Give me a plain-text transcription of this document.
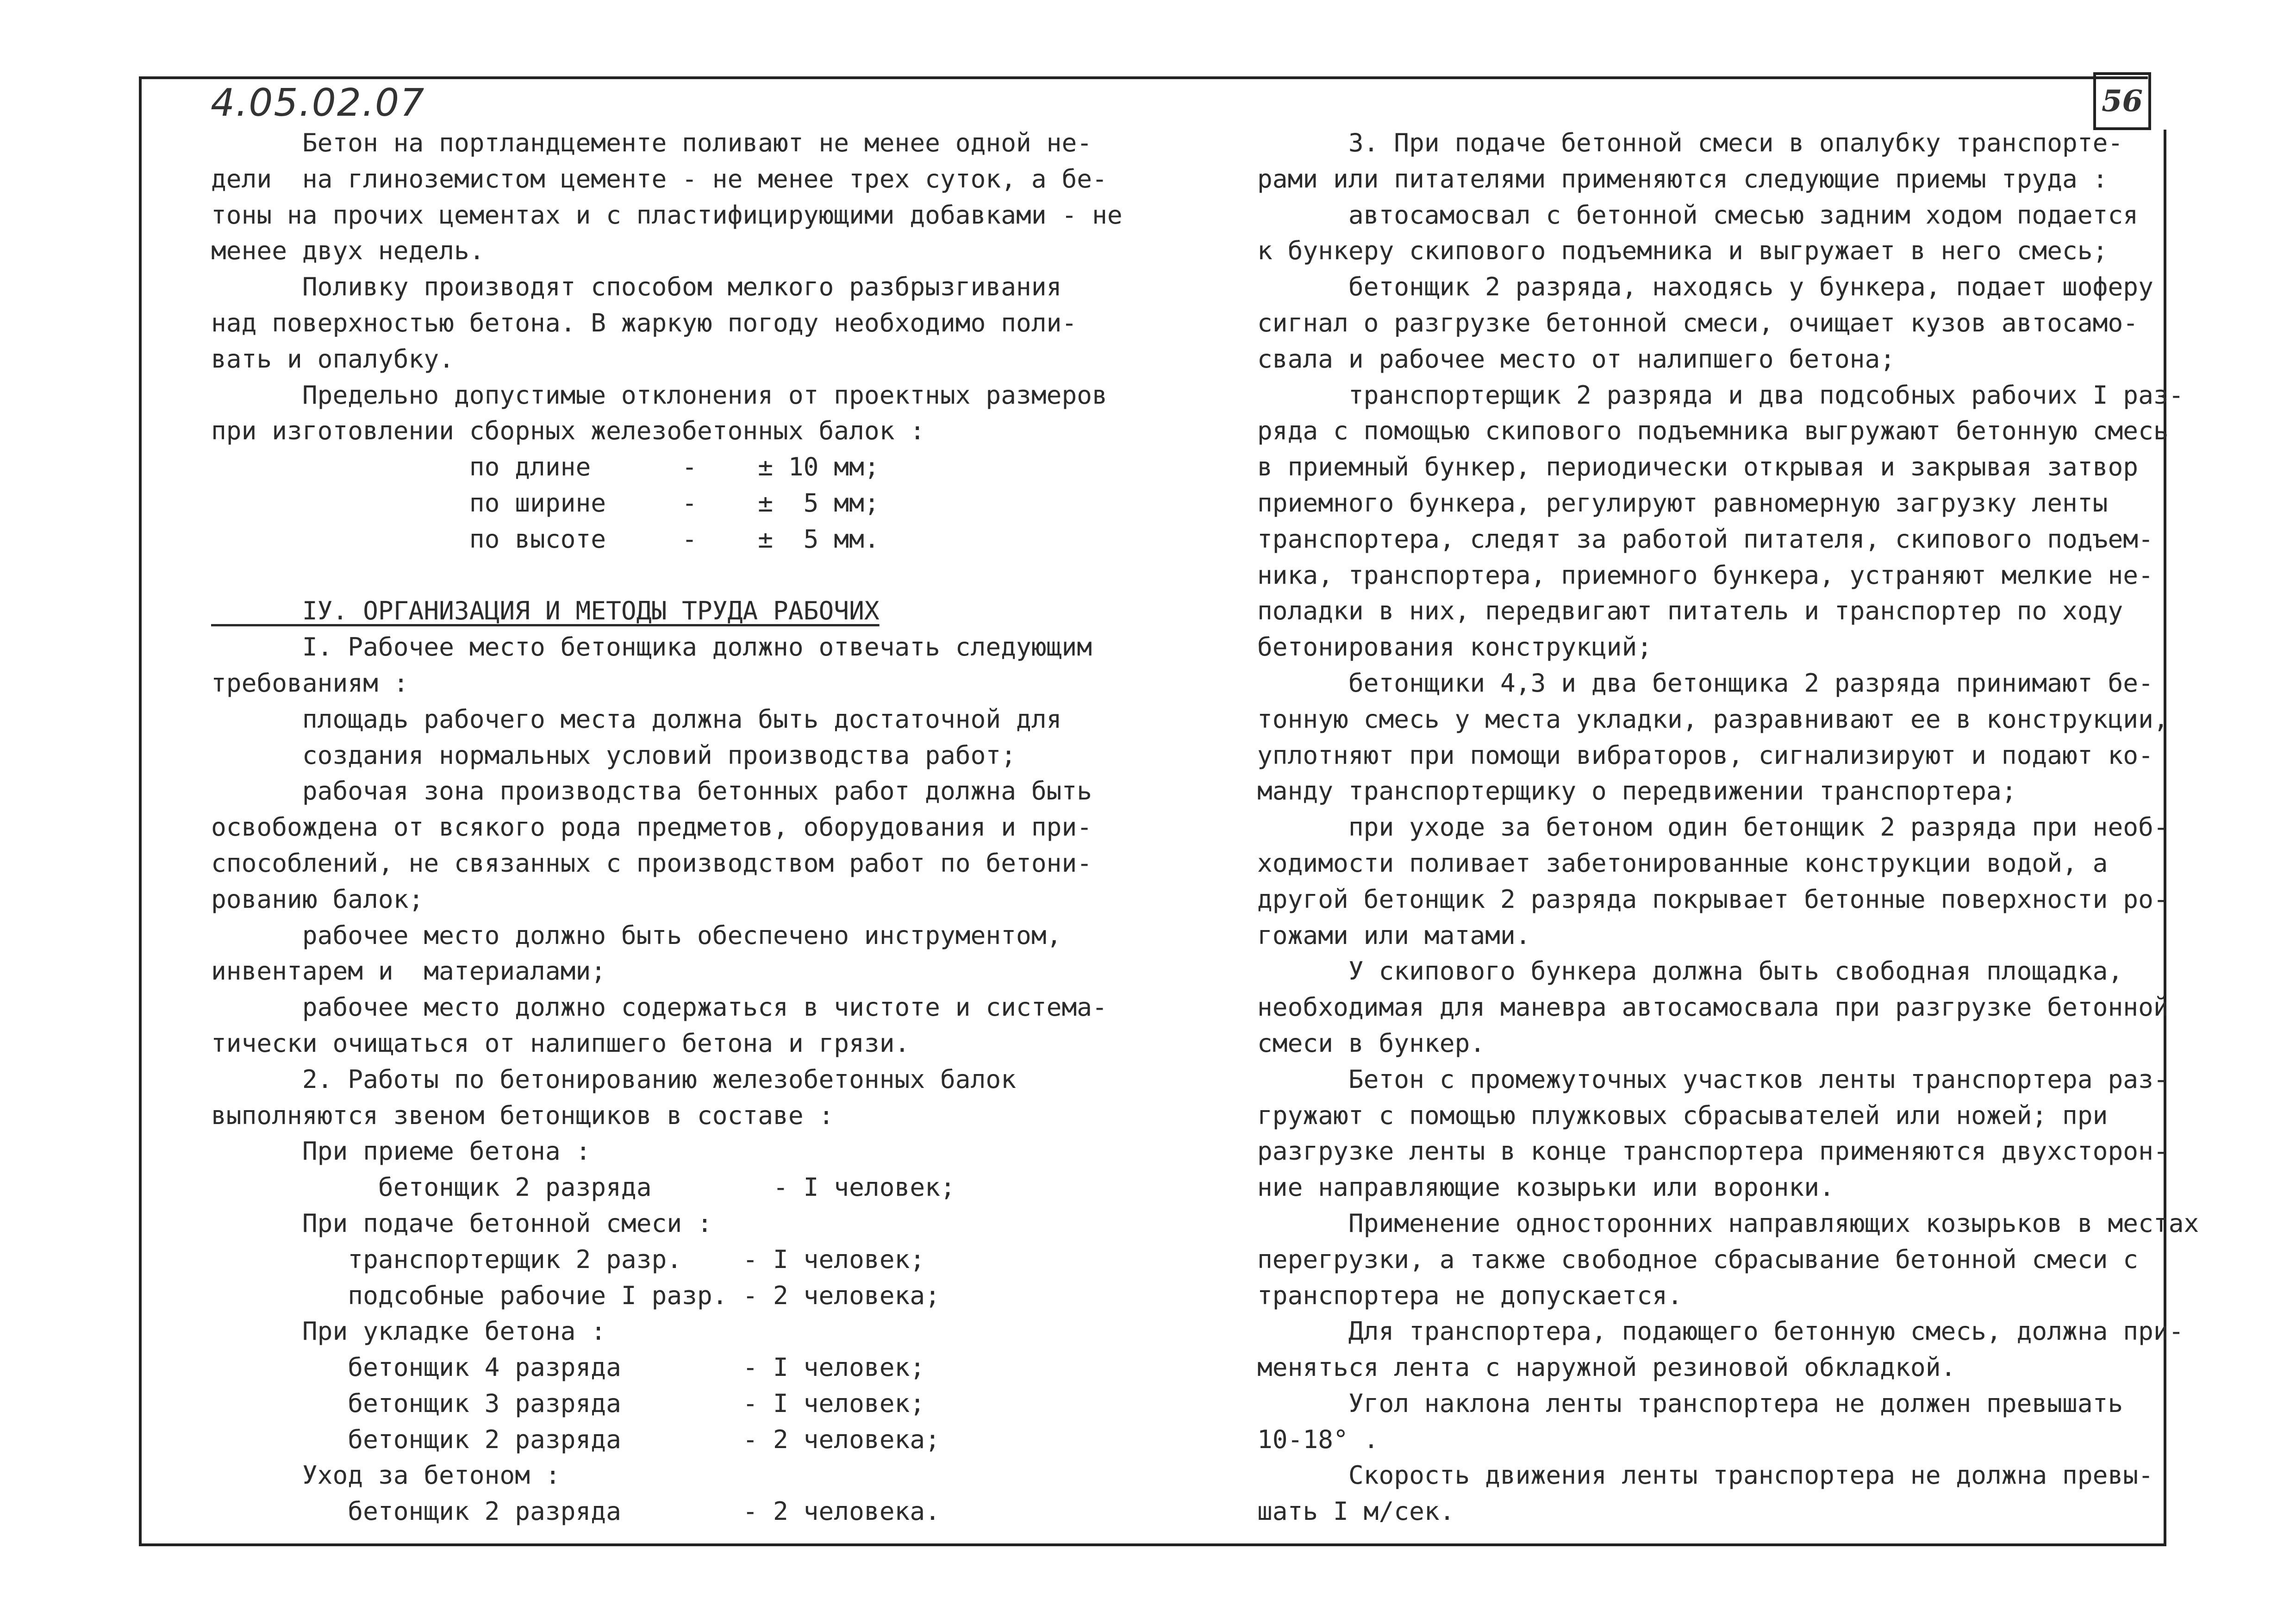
4.05.02.07	56
Бетон на портландцементе поливают не менее одной не-
дели  на глиноземистом цементе - не менее трех суток, а бе-
тоны на прочих цементах и с пластифицирующими добавками - не
менее двух недель.
Поливку производят способом мелкого разбрызгивания
над поверхностью бетона. В жаркую погоду необходимо поли-
вать и опалубку.
Предельно допустимые отклонения от проектных размеров
при изготовлении сборных железобетонных балок :
по длине      -    ± 10 мм;
по ширине     -    ±  5 мм;
по высоте     -    ±  5 мм.
IУ. ОРГАНИЗАЦИЯ И МЕТОДЫ ТРУДА РАБОЧИХ
I. Рабочее место бетонщика должно отвечать следующим
требованиям :
площадь рабочего места должна быть достаточной для
создания нормальных условий производства работ;
рабочая зона производства бетонных работ должна быть
освобождена от всякого рода предметов, оборудования и при-
способлений, не связанных с производством работ по бетони-
рованию балок;
рабочее место должно быть обеспечено инструментом,
инвентарем и  материалами;
рабочее место должно содержаться в чистоте и система-
тически очищаться от налипшего бетона и грязи.
2. Работы по бетонированию железобетонных балок
выполняются звеном бетонщиков в составе :
При приеме бетона :
бетонщик 2 разряда        - I человек;
При подаче бетонной смеси :
транспортерщик 2 разр.    - I человек;
подсобные рабочие I разр. - 2 человека;
При укладке бетона :
бетонщик 4 разряда        - I человек;
бетонщик 3 разряда        - I человек;
бетонщик 2 разряда        - 2 человека;
Уход за бетоном :
бетонщик 2 разряда        - 2 человека.
3. При подаче бетонной смеси в опалубку транспорте-
рами или питателями применяются следующие приемы труда :
автосамосвал с бетонной смесью задним ходом подается
к бункеру скипового подъемника и выгружает в него смесь;
бетонщик 2 разряда, находясь у бункера, подает шоферу
сигнал о разгрузке бетонной смеси, очищает кузов автосамо-
свала и рабочее место от налипшего бетона;
транспортерщик 2 разряда и два подсобных рабочих I раз-
ряда с помощью скипового подъемника выгружают бетонную смесь
в приемный бункер, периодически открывая и закрывая затвор
приемного бункера, регулируют равномерную загрузку ленты
транспортера, следят за работой питателя, скипового подъем-
ника, транспортера, приемного бункера, устраняют мелкие не-
поладки в них, передвигают питатель и транспортер по ходу
бетонирования конструкций;
бетонщики 4,3 и два бетонщика 2 разряда принимают бе-
тонную смесь у места укладки, разравнивают ее в конструкции,
уплотняют при помощи вибраторов, сигнализируют и подают ко-
манду транспортерщику о передвижении транспортера;
при уходе за бетоном один бетонщик 2 разряда при необ-
ходимости поливает забетонированные конструкции водой, а
другой бетонщик 2 разряда покрывает бетонные поверхности ро-
гожами или матами.
У скипового бункера должна быть свободная площадка,
необходимая для маневра автосамосвала при разгрузке бетонной
смеси в бункер.
Бетон с промежуточных участков ленты транспортера раз-
гружают с помощью плужковых сбрасывателей или ножей; при
разгрузке ленты в конце транспортера применяются двухсторон-
ние направляющие козырьки или воронки.
Применение односторонних направляющих козырьков в местах
перегрузки, а также свободное сбрасывание бетонной смеси с
транспортера не допускается.
Для транспортера, подающего бетонную смесь, должна при-
меняться лента с наружной резиновой обкладкой.
Угол наклона ленты транспортера не должен превышать
10-18° .
Скорость движения ленты транспортера не должна превы-
шать I м/сек.
